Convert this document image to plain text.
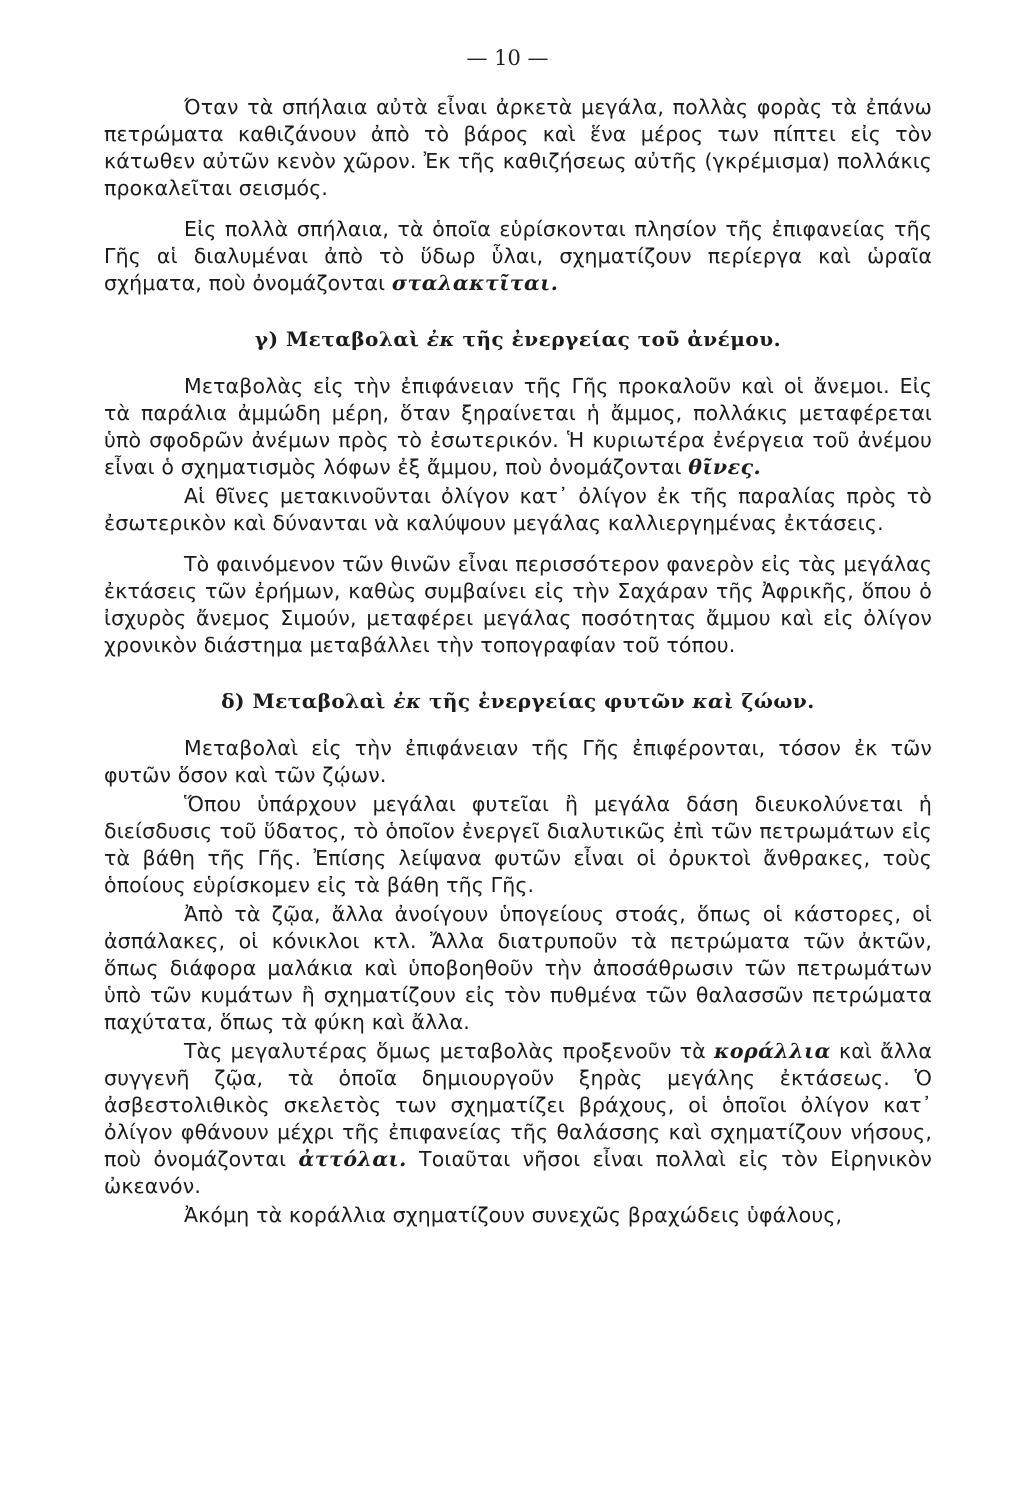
— 10 —

Όταν τὰ σπήλαια αὐτὰ εἶναι ἀρκετὰ μεγάλα, πολλὰς φορὰς τὰ ἐπάνω πετρώματα καθιζάνουν ἀπὸ τὸ βάρος καὶ ἕνα μέρος των πίπτει εἰς τὸν κάτωθεν αὐτῶν κενὸν χῶρον. Ἐκ τῆς καθιζήσεως αὐτῆς (γκρέμισμα) πολλάκις προκαλεῖται σεισμός.

Εἰς πολλὰ σπήλαια, τὰ ὁποῖα εὑρίσκονται πλησίον τῆς ἐπιφανείας τῆς Γῆς αἱ διαλυμέναι ἀπὸ τὸ ὕδωρ ὗλαι, σχηματίζουν περίεργα καὶ ὡραῖα σχήματα, ποὺ ὀνομάζονται σταλακτῖται.

γ) Μεταβολαὶ ἐκ τῆς ἐνεργείας τοῦ ἀνέμου.

Μεταβολὰς εἰς τὴν ἐπιφάνειαν τῆς Γῆς προκαλοῦν καὶ οἱ ἄνεμοι. Εἰς τὰ παράλια ἀμμώδη μέρη, ὅταν ξηραίνεται ἡ ἄμμος, πολλάκις μεταφέρεται ὑπὸ σφοδρῶν ἀνέμων πρὸς τὸ ἐσωτερικόν. Ἡ κυριωτέρα ἐνέργεια τοῦ ἀνέμου εἶναι ὁ σχηματισμὸς λόφων ἐξ ἄμμου, ποὺ ὀνομάζονται θῖνες.

Αἱ θῖνες μετακινοῦνται ὀλίγον κατ᾽ ὀλίγον ἐκ τῆς παραλίας πρὸς τὸ ἐσωτερικὸν καὶ δύνανται νὰ καλύψουν μεγάλας καλλιεργημένας ἐκτάσεις.

Τὸ φαινόμενον τῶν θινῶν εἶναι περισσότερον φανερὸν εἰς τὰς μεγάλας ἐκτάσεις τῶν ἐρήμων, καθὼς συμβαίνει εἰς τὴν Σαχάραν τῆς Ἀφρικῆς, ὅπου ὁ ἰσχυρὸς ἄνεμος Σιμούν, μεταφέρει μεγάλας ποσότητας ἄμμου καὶ εἰς ὀλίγον χρονικὸν διάστημα μεταβάλλει τὴν τοπογραφίαν τοῦ τόπου.

δ) Μεταβολαὶ ἐκ τῆς ἐνεργείας φυτῶν καὶ ζώων.

Μεταβολαὶ εἰς τὴν ἐπιφάνειαν τῆς Γῆς ἐπιφέρονται, τόσον ἐκ τῶν φυτῶν ὅσον καὶ τῶν ζῴων.

Ὅπου ὑπάρχουν μεγάλαι φυτεῖαι ἢ μεγάλα δάση διευκολύνεται ἡ διείσδυσις τοῦ ὕδατος, τὸ ὁποῖον ἐνεργεῖ διαλυτικῶς ἐπὶ τῶν πετρωμάτων εἰς τὰ βάθη τῆς Γῆς. Ἐπίσης λείψανα φυτῶν εἶναι οἱ ὀρυκτοὶ ἄνθρακες, τοὺς ὁποίους εὑρίσκομεν εἰς τὰ βάθη τῆς Γῆς.

Ἀπὸ τὰ ζῷα, ἄλλα ἀνοίγουν ὑπογείους στοάς, ὅπως οἱ κάστορες, οἱ ἀσπάλακες, οἱ κόνικλοι κτλ. Ἄλλα διατρυποῦν τὰ πετρώματα τῶν ἀκτῶν, ὅπως διάφορα μαλάκια καὶ ὑποβοηθοῦν τὴν ἀποσάθρωσιν τῶν πετρωμάτων ὑπὸ τῶν κυμάτων ἢ σχηματίζουν εἰς τὸν πυθμένα τῶν θαλασσῶν πετρώματα παχύτατα, ὅπως τὰ φύκη καὶ ἄλλα.

Τὰς μεγαλυτέρας ὅμως μεταβολὰς προξενοῦν τὰ κοράλλια καὶ ἄλλα συγγενῆ ζῷα, τὰ ὁποῖα δημιουργοῦν ξηρὰς μεγάλης ἐκτάσεως. Ὁ ἀσβεστολιθικὸς σκελετὸς των σχηματίζει βράχους, οἱ ὁποῖοι ὀλίγον κατ᾽ ὀλίγον φθάνουν μέχρι τῆς ἐπιφανείας τῆς θαλάσσης καὶ σχηματίζουν νήσους, ποὺ ὀνομάζονται ἀττόλαι. Τοιαῦται νῆσοι εἶναι πολλαὶ εἰς τὸν Εἰρηνικὸν ὠκεανόν.

Ἀκόμη τὰ κοράλλια σχηματίζουν συνεχῶς βραχώδεις ὑφάλους,
